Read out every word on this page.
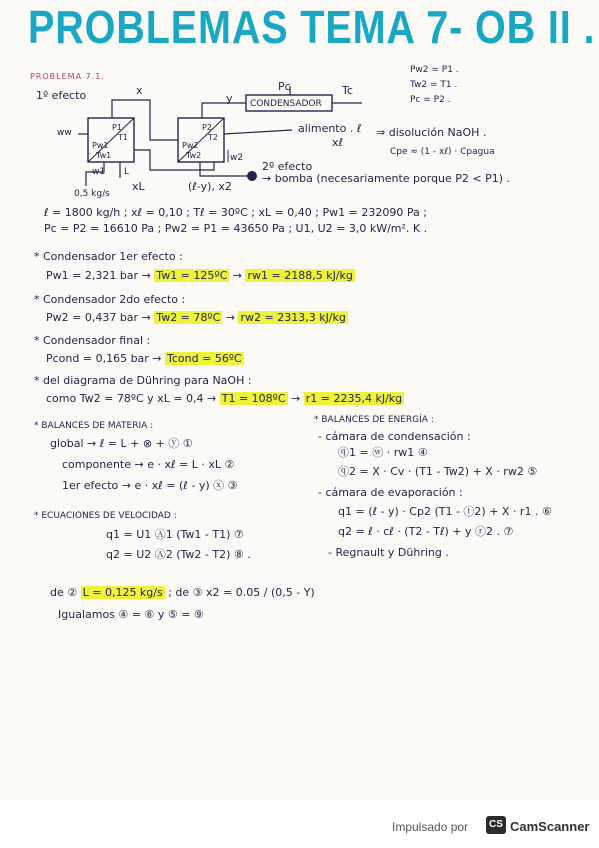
PROBLEMAS TEMA 7- OB II .
PROBLEMA 7.1.
Pw2 = P1 .
Tw2 = T1 .
Pc = P2 .
1º efecto	x
y
Pc	Tc
CONDENSADOR
ww
P1
T1
Pw1
Tw1
P2
T2
Pw2
Tw2
alimento . ℓ
xℓ
2º efecto
→ bomba (necesariamente porque P2 < P1) .
0,5 kg/s
xL	(ℓ-y), x2
L
w1
w2
⇒ disolución NaOH .
Cpe ≈ (1 - xℓ) · Cpagua
ℓ = 1800 kg/h ; xℓ = 0,10 ; Tℓ = 30ºC ; xL = 0,40 ; Pw1 = 232090 Pa ;
Pc = P2 = 16610 Pa ; Pw2 = P1 = 43650 Pa ; U1, U2 = 3,0 kW/m². K .
* Condensador 1er efecto :
Pw1 = 2,321 bar → Tw1 = 125ºC → rw1 = 2188,5 kJ/kg
* Condensador 2do efecto :
Pw2 = 0,437 bar → Tw2 = 78ºC → rw2 = 2313,3 kJ/kg
* Condensador final :
Pcond = 0,165 bar → Tcond = 56ºC
* del diagrama de Dühring para NaOH :
como Tw2 = 78ºC y xL = 0,4 → T1 = 108ºC → r1 = 2235,4 kJ/kg
* BALANCES DE MATERIA :
global → ℓ = L + ⊗ + ⓨ ①
componente → e · xℓ = L · xL ②
1er efecto → e · xℓ = (ℓ - y) ⓧ ③
* BALANCES DE ENERGÍA :
- cámara de condensación :
ⓠ1 = ⓦ · rw1 ④
ⓠ2 = X · Cv · (T1 - Tw2) + X · rw2 ⑤
- cámara de evaporación :
q1 = (ℓ - y) · Cp2 (T1 - ⓣ2) + X · r1 . ⑥
q2 = ℓ · cℓ · (T2 - Tℓ) + y ⓡ2 . ⑦
- Regnault y Dühring .
* ECUACIONES DE VELOCIDAD :
q1 = U1 Ⓐ1 (Tw1 - T1) ⑦
q2 = U2 Ⓐ2 (Tw2 - T2) ⑧ .
de ② L = 0,125 kg/s ; de ③ x2 = 0.05 / (0,5 - Y)
Igualamos ④ = ⑥ y ⑤ = ⑨
Impulsado por	CS CamScanner
